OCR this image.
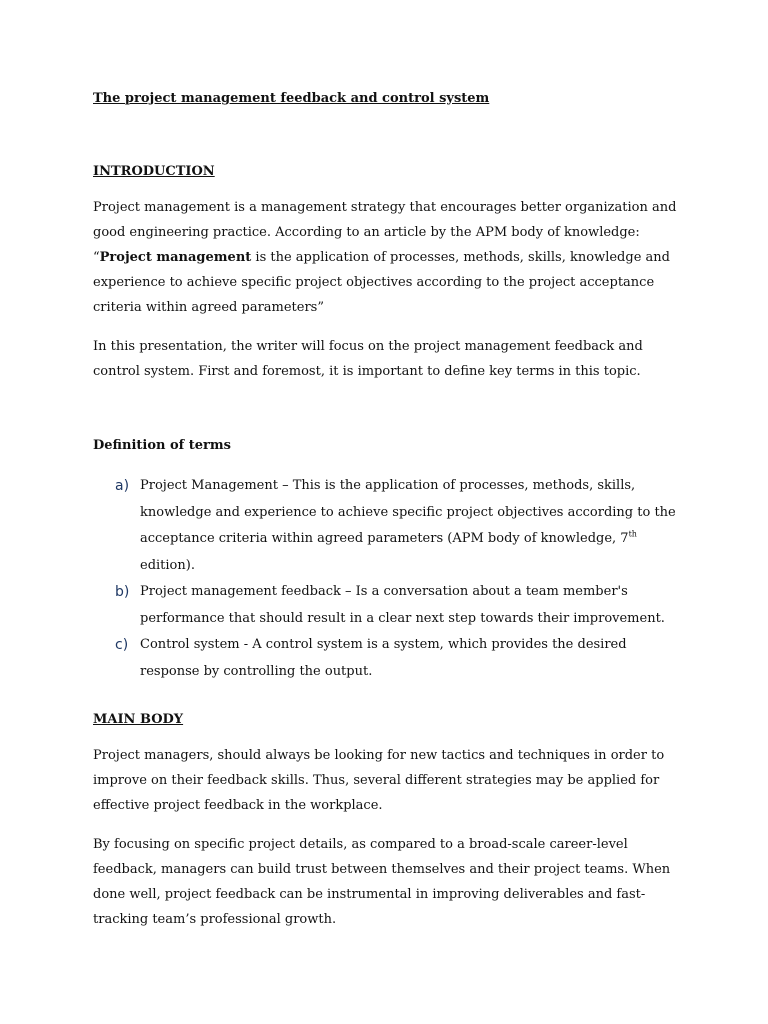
The project management feedback and control system

INTRODUCTION

Project management is a management strategy that encourages better organization and good engineering practice. According to an article by the APM body of knowledge: “Project management is the application of processes, methods, skills, knowledge and experience to achieve specific project objectives according to the project acceptance criteria within agreed parameters”

In this presentation, the writer will focus on the project management feedback and control system. First and foremost, it is important to define key terms in this topic.

Definition of terms

a) Project Management – This is the application of processes, methods, skills, knowledge and experience to achieve specific project objectives according to the acceptance criteria within agreed parameters (APM body of knowledge, 7th edition).
b) Project management feedback – Is a conversation about a team member's performance that should result in a clear next step towards their improvement.
c) Control system - A control system is a system, which provides the desired response by controlling the output.

MAIN BODY

Project managers, should always be looking for new tactics and techniques in order to improve on their feedback skills. Thus, several different strategies may be applied for effective project feedback in the workplace.

By focusing on specific project details, as compared to a broad-scale career-level feedback, managers can build trust between themselves and their project teams. When done well, project feedback can be instrumental in improving deliverables and fast-tracking team’s professional growth.
